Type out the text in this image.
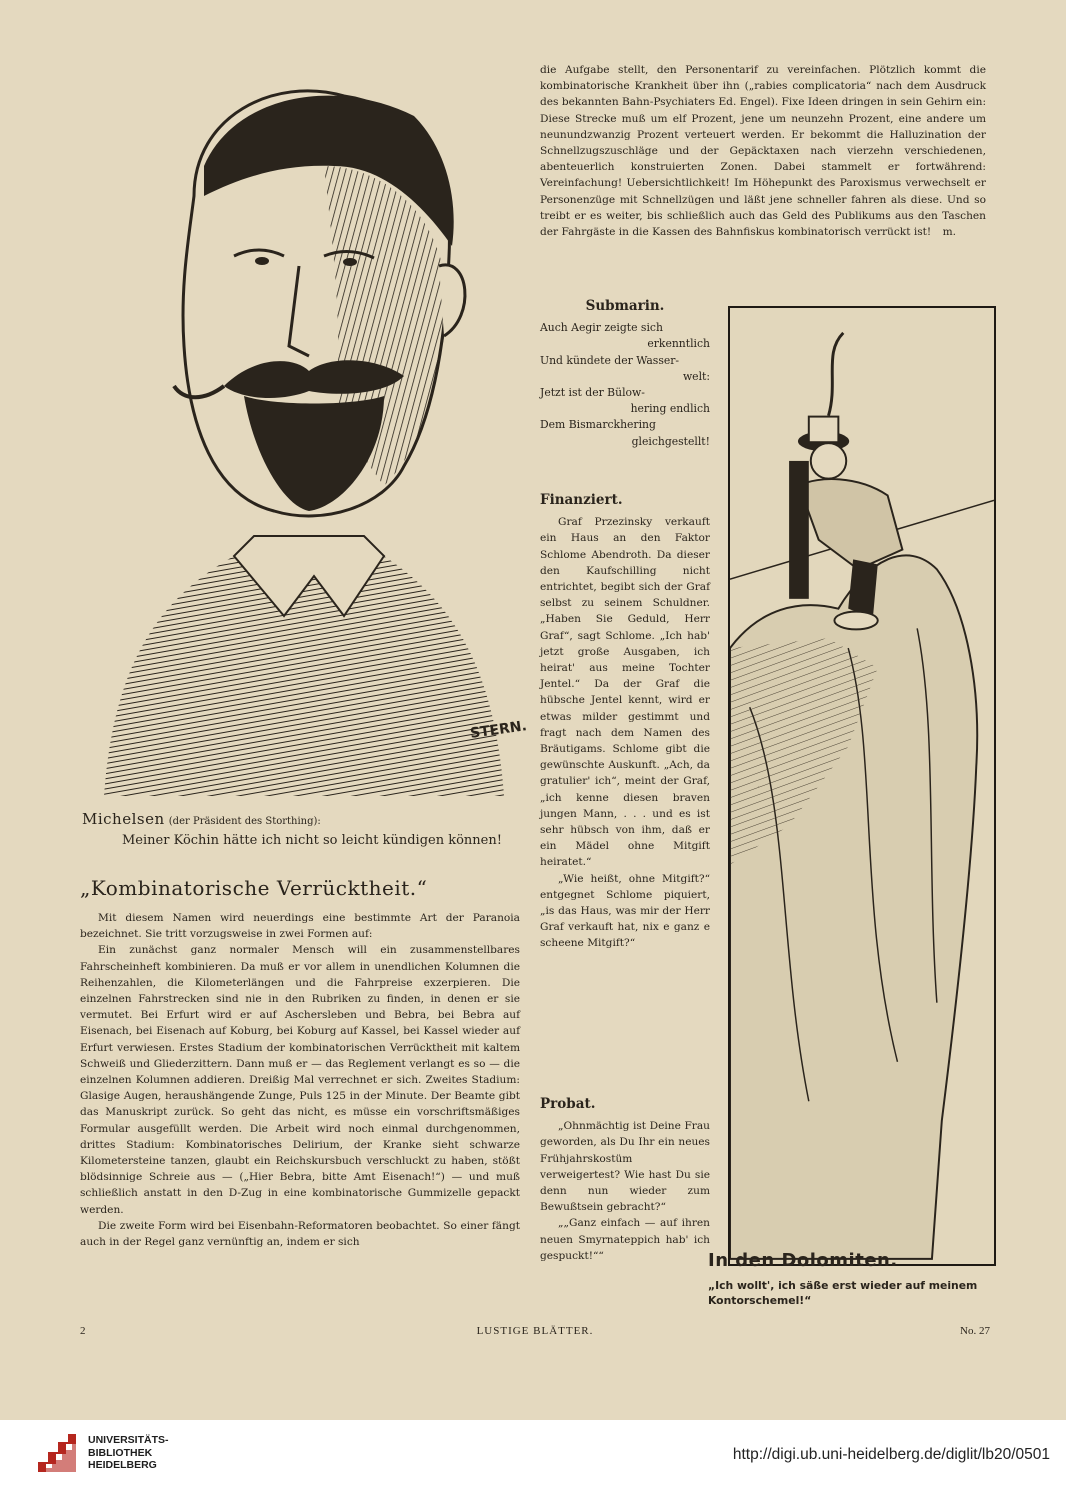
STERN.
Michelsen (der Präsident des Storthing):
Meiner Köchin hätte ich nicht so leicht kündigen können!
„Kombinatorische Verrücktheit.“

Mit diesem Namen wird neuerdings eine bestimmte Art der Paranoia bezeichnet. Sie tritt vorzugsweise in zwei Formen auf:

Ein zunächst ganz normaler Mensch will ein zusammenstellbares Fahrscheinheft kombinieren. Da muß er vor allem in unendlichen Kolumnen die Reihenzahlen, die Kilometerlängen und die Fahrpreise exzerpieren. Die einzelnen Fahrstrecken sind nie in den Rubriken zu finden, in denen er sie vermutet. Bei Erfurt wird er auf Aschersleben und Bebra, bei Bebra auf Eisenach, bei Eisenach auf Koburg, bei Koburg auf Kassel, bei Kassel wieder auf Erfurt verwiesen. Erstes Stadium der kombinatorischen Verrücktheit mit kaltem Schweiß und Gliederzittern. Dann muß er — das Reglement verlangt es so — die einzelnen Kolumnen addieren. Dreißig Mal verrechnet er sich. Zweites Stadium: Glasige Augen, heraushängende Zunge, Puls 125 in der Minute. Der Beamte gibt das Manuskript zurück. So geht das nicht, es müsse ein vorschriftsmäßiges Formular ausgefüllt werden. Die Arbeit wird noch einmal durchgenommen, drittes Stadium: Kombinatorisches Delirium, der Kranke sieht schwarze Kilometersteine tanzen, glaubt ein Reichskursbuch verschluckt zu haben, stößt blödsinnige Schreie aus — („Hier Bebra, bitte Amt Eisenach!“) — und muß schließlich anstatt in den D-Zug in eine kombinatorische Gummizelle gepackt werden.

Die zweite Form wird bei Eisenbahn-Reformatoren beobachtet. So einer fängt auch in der Regel ganz vernünftig an, indem er sich

die Aufgabe stellt, den Personentarif zu vereinfachen. Plötzlich kommt die kombinatorische Krankheit über ihn („rabies complicatoria“ nach dem Ausdruck des bekannten Bahn-Psychiaters Ed. Engel). Fixe Ideen dringen in sein Gehirn ein: Diese Strecke muß um elf Prozent, jene um neunzehn Prozent, eine andere um neunundzwanzig Prozent verteuert werden. Er bekommt die Halluzination der Schnellzugszuschläge und der Gepäcktaxen nach vierzehn verschiedenen, abenteuerlich konstruierten Zonen. Dabei stammelt er fortwährend: Vereinfachung! Uebersichtlichkeit! Im Höhepunkt des Paroxismus verwechselt er Personenzüge mit Schnellzügen und läßt jene schneller fahren als diese. Und so treibt er es weiter, bis schließlich auch das Geld des Publikums aus den Taschen der Fahrgäste in die Kassen des Bahnfiskus kombinatorisch verrückt ist! m.

Submarin.
Auch Aegir zeigte sich
erkenntlich
Und kündete der Wasser-
welt:
Jetzt ist der Bülow-
hering endlich
Dem Bismarckhering
gleichgestellt!
Finanziert.

Graf Przezinsky verkauft ein Haus an den Faktor Schlome Abendroth. Da dieser den Kaufschilling nicht entrichtet, begibt sich der Graf selbst zu seinem Schuldner. „Haben Sie Geduld, Herr Graf“, sagt Schlome. „Ich hab' jetzt große Ausgaben, ich heirat' aus meine Tochter Jentel.“ Da der Graf die hübsche Jentel kennt, wird er etwas milder gestimmt und fragt nach dem Namen des Bräutigams. Schlome gibt die gewünschte Auskunft. „Ach, da gratulier' ich“, meint der Graf, „ich kenne diesen braven jungen Mann, . . . und es ist sehr hübsch von ihm, daß er ein Mädel ohne Mitgift heiratet.“

„Wie heißt, ohne Mitgift?“ entgegnet Schlome piquiert, „is das Haus, was mir der Herr Graf verkauft hat, nix e ganz e scheene Mitgift?“

Probat.

„Ohnmächtig ist Deine Frau geworden, als Du Ihr ein neues Frühjahrskostüm verweigertest? Wie hast Du sie denn nun wieder zum Bewußtsein gebracht?“

„„Ganz einfach — auf ihren neuen Smyrnateppich hab' ich gespuckt!““	In den Dolomiten.
„Ich wollt', ich säße erst wieder auf meinem Kontorschemel!“
2	LUSTIGE BLÄTTER.	No. 27
UNIVERSITÄTS-
BIBLIOTHEK
HEIDELBERG
http://digi.ub.uni-heidelberg.de/diglit/lb20/0501
